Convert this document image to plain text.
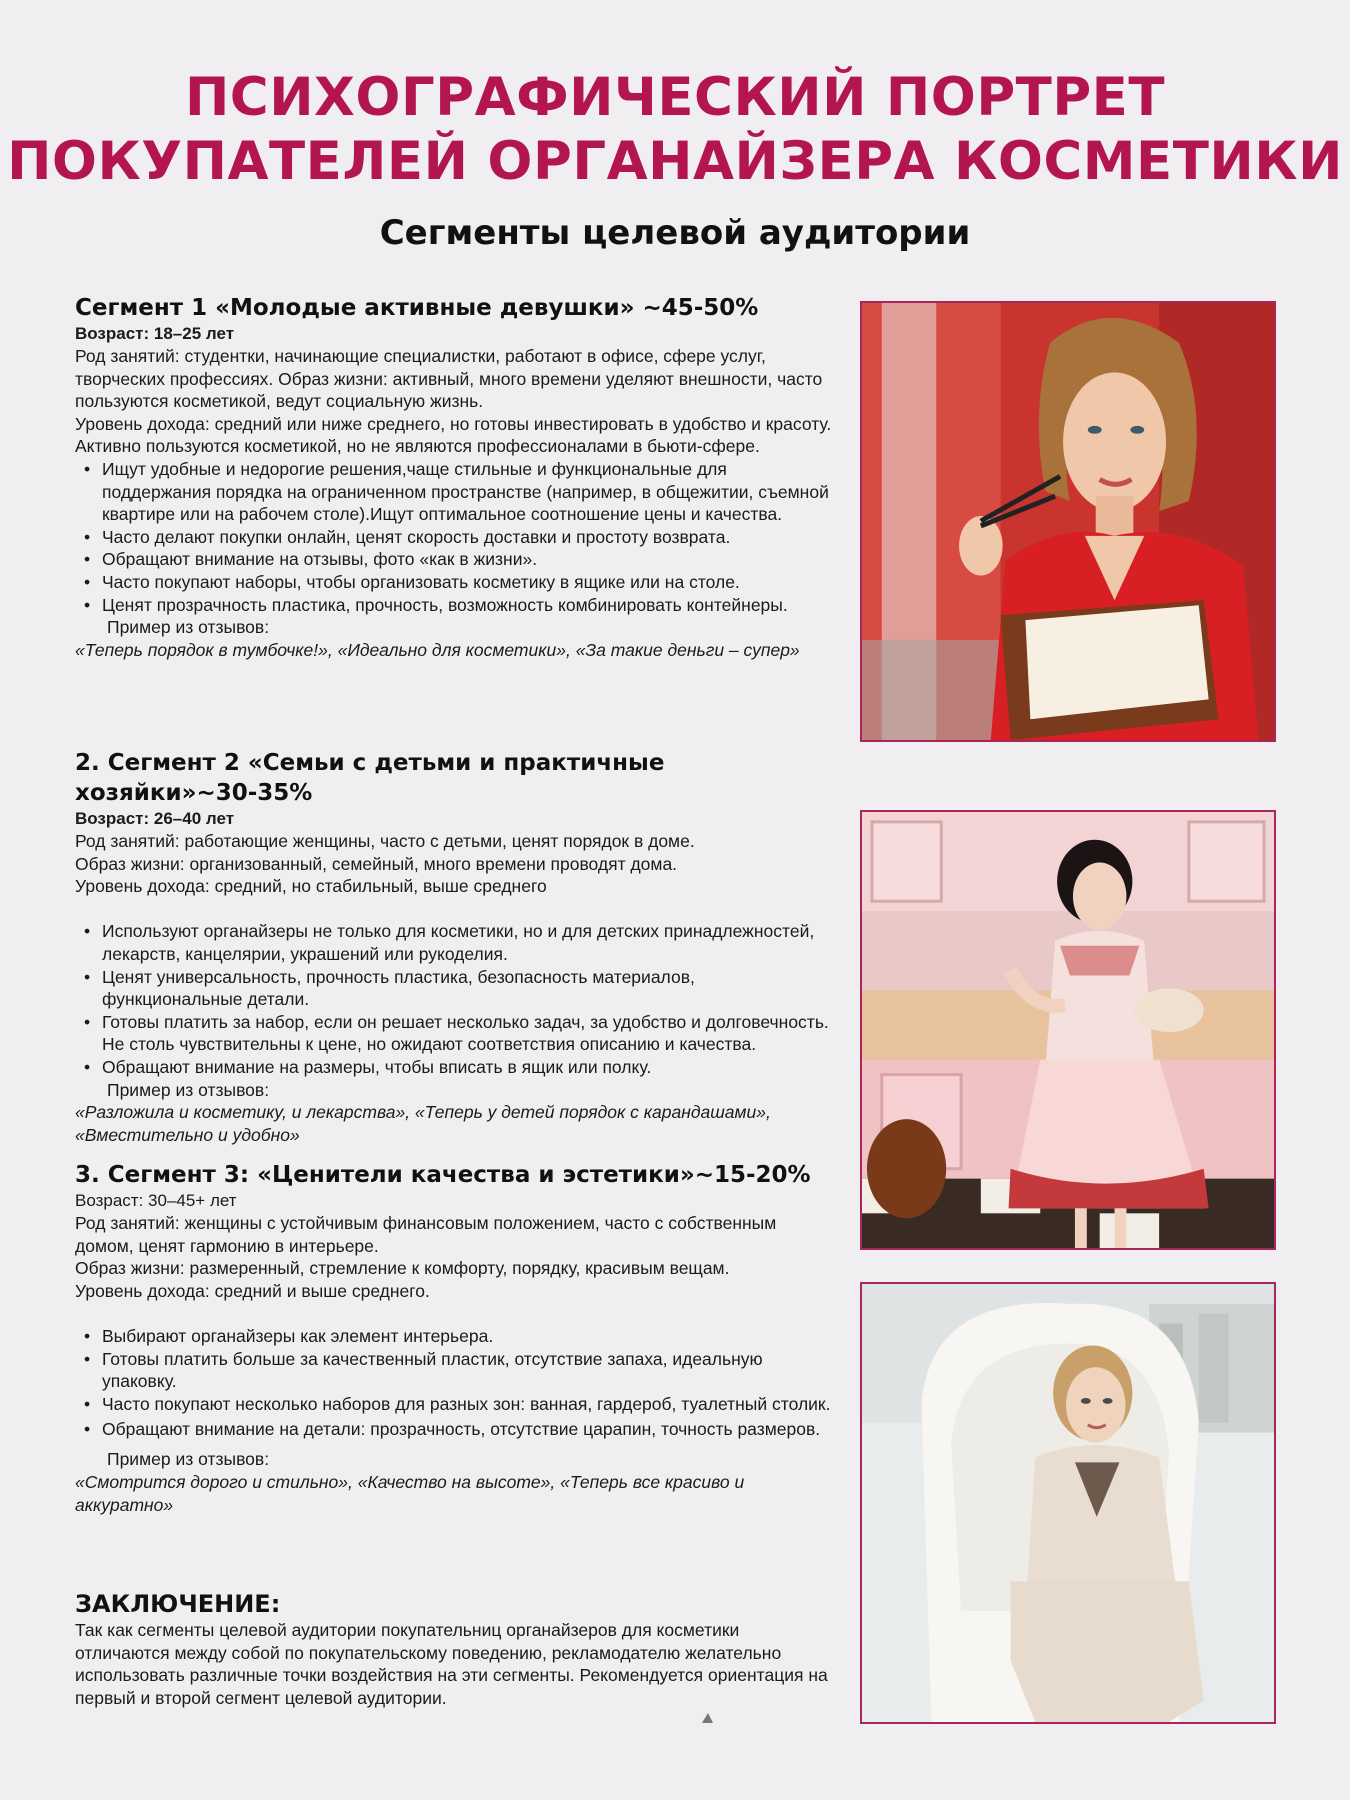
ПСИХОГРАФИЧЕСКИЙ ПОРТРЕТ
ПОКУПАТЕЛЕЙ ОРГАНАЙЗЕРА КОСМЕТИКИ
Сегменты целевой аудитории
Сегмент 1 «Молодые активные девушки» ~45-50%
Возраст: 18–25 лет

Род занятий: студентки, начинающие специалистки, работают в офисе, сфере услуг, творческих профессиях. Образ жизни: активный, много времени уделяют внешности, часто пользуются косметикой, ведут социальную жизнь.

Уровень дохода: средний или ниже среднего, но готовы инвестировать в удобство и красоту. Активно пользуются косметикой, но не являются профессионалами в бьюти-сфере.

• Ищут удобные и недорогие решения,чаще стильные и функциональные для поддержания порядка на ограниченном пространстве (например, в общежитии, съемной квартире или на рабочем столе).Ищут оптимальное соотношение цены и качества.
• Часто делают покупки онлайн, ценят скорость доставки и простоту возврата.
• Обращают внимание на отзывы, фото «как в жизни».
• Часто покупают наборы, чтобы организовать косметику в ящике или на столе.
• Ценят прозрачность пластика, прочность, возможность комбинировать контейнеры.
Пример из отзывов:
«Теперь порядок в тумбочке!», «Идеально для косметики», «За такие деньги – супер»
2. Сегмент 2 «Семьи с детьми и практичные хозяйки»~30-35%
Возраст: 26–40 лет

Род занятий: работающие женщины, часто с детьми, ценят порядок в доме.

Образ жизни: организованный, семейный, много времени проводят дома.

Уровень дохода: средний, но стабильный, выше среднего

• Используют органайзеры не только для косметики, но и для детских принадлежностей, лекарств, канцелярии, украшений или рукоделия.
• Ценят универсальность, прочность пластика, безопасность материалов, функциональные детали.
• Готовы платить за набор, если он решает несколько задач, за удобство и долговечность. Не столь чувствительны к цене, но ожидают соответствия описанию и качества.
• Обращают внимание на размеры, чтобы вписать в ящик или полку.
Пример из отзывов:
«Разложила и косметику, и лекарства», «Теперь у детей порядок с карандашами», «Вместительно и удобно»
3. Сегмент 3: «Ценители качества и эстетики»~15-20%
Возраст: 30–45+ лет

Род занятий: женщины с устойчивым финансовым положением, часто с собственным домом, ценят гармонию в интерьере.

Образ жизни: размеренный, стремление к комфорту, порядку, красивым вещам.

Уровень дохода: средний и выше среднего.

• Выбирают органайзеры как элемент интерьера.
• Готовы платить больше за качественный пластик, отсутствие запаха, идеальную упаковку.
• Часто покупают несколько наборов для разных зон: ванная, гардероб, туалетный столик.
• Обращают внимание на детали: прозрачность, отсутствие царапин, точность размеров.
Пример из отзывов:
«Смотрится дорого и стильно», «Качество на высоте», «Теперь все красиво и аккуратно»
ЗАКЛЮЧЕНИЕ:

Так как сегменты целевой аудитории покупательниц органайзеров для косметики отличаются между собой по покупательскому поведению, рекламодателю желательно использовать различные точки воздействия на эти сегменты. Рекомендуется ориентация на первый и второй сегмент целевой аудитории.
